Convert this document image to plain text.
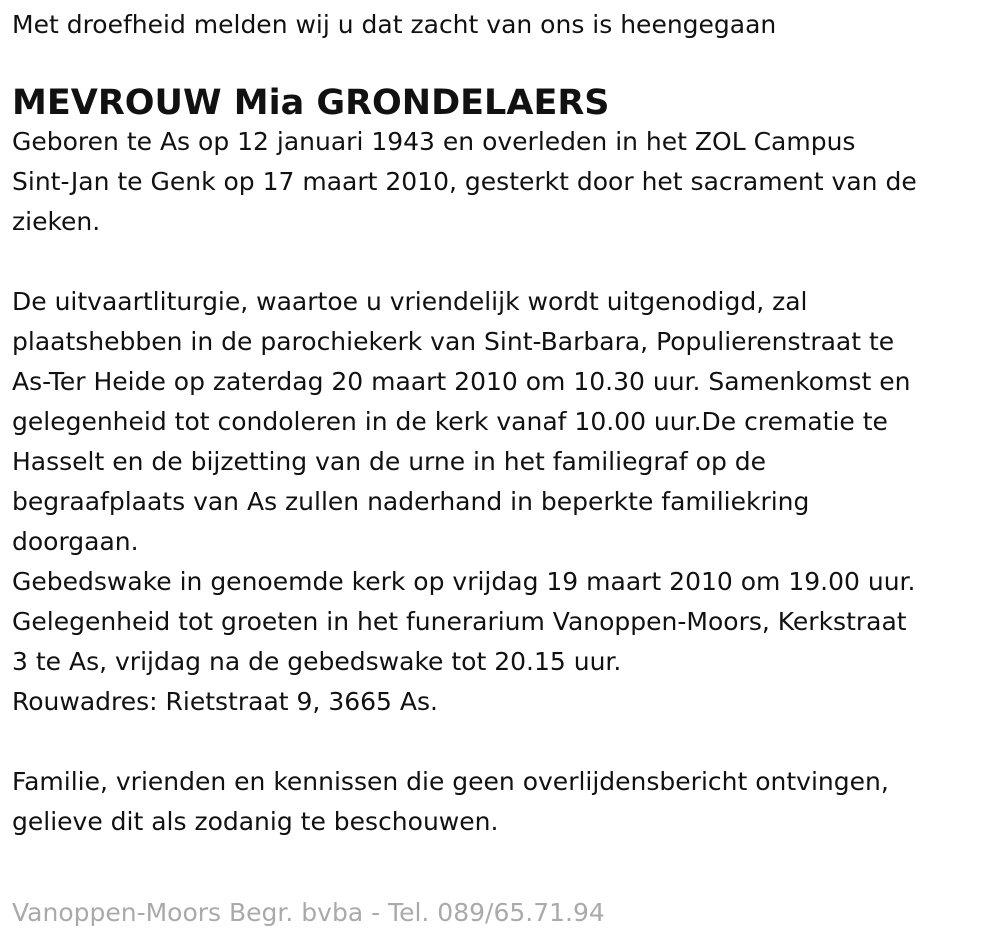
Met droefheid melden wij u dat zacht van ons is heengegaan

MEVROUW Mia GRONDELAERS

Geboren te As op 12 januari 1943 en overleden in het ZOL Campus
Sint-Jan te Genk op 17 maart 2010, gesterkt door het sacrament van de
zieken.

De uitvaartliturgie, waartoe u vriendelijk wordt uitgenodigd, zal
plaatshebben in de parochiekerk van Sint-Barbara, Populierenstraat te
As-Ter Heide op zaterdag 20 maart 2010 om 10.30 uur. Samenkomst en
gelegenheid tot condoleren in de kerk vanaf 10.00 uur.De crematie te
Hasselt en de bijzetting van de urne in het familiegraf op de
begraafplaats van As zullen naderhand in beperkte familiekring
doorgaan.
Gebedswake in genoemde kerk op vrijdag 19 maart 2010 om 19.00 uur.
Gelegenheid tot groeten in het funerarium Vanoppen-Moors, Kerkstraat
3 te As, vrijdag na de gebedswake tot 20.15 uur.
Rouwadres: Rietstraat 9, 3665 As.

Familie, vrienden en kennissen die geen overlijdensbericht ontvingen,
gelieve dit als zodanig te beschouwen.

Vanoppen-Moors Begr. bvba - Tel. 089/65.71.94
